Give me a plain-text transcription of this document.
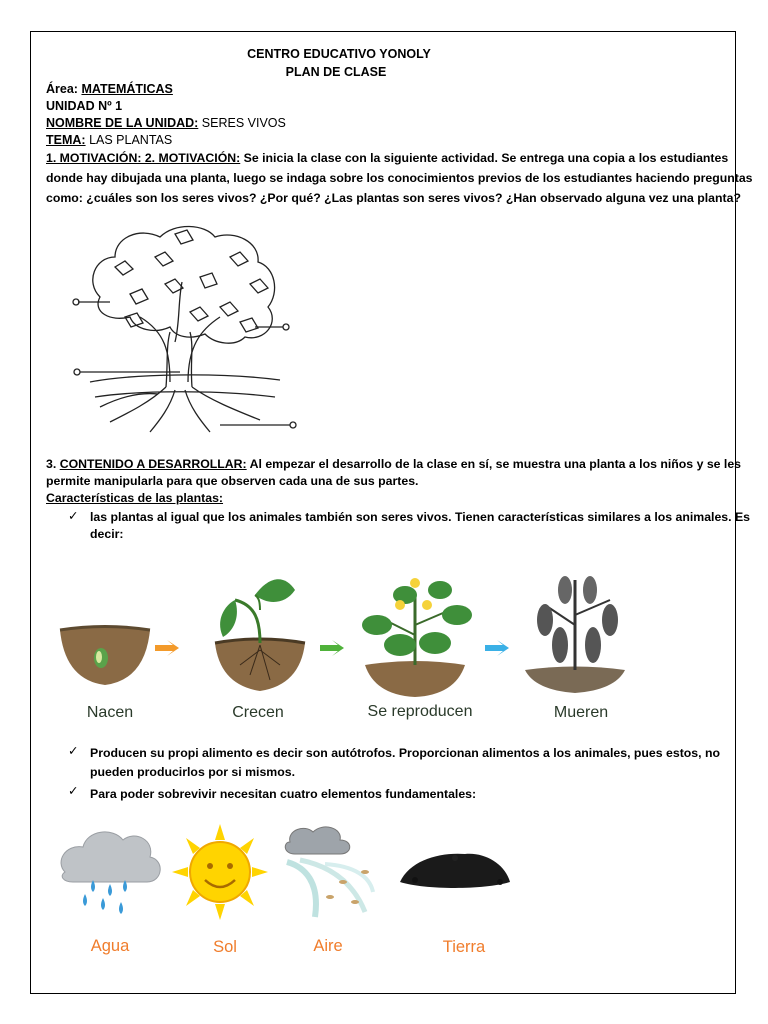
CENTRO EDUCATIVO YONOLY
PLAN DE CLASE
Área: MATEMÁTICAS
UNIDAD Nº 1
NOMBRE DE LA UNIDAD: SERES VIVOS
TEMA: LAS PLANTAS
1. MOTIVACIÓN: 2. MOTIVACIÓN: Se inicia la clase con la siguiente actividad. Se entrega una copia a los estudiantes
donde hay dibujada una planta, luego se indaga sobre los conocimientos previos de los estudiantes haciendo preguntas
como: ¿cuáles son los seres vivos? ¿Por qué? ¿Las plantas son seres vivos? ¿Han observado alguna vez una planta?
3. CONTENIDO A DESARROLLAR: Al empezar el desarrollo de la clase en sí, se muestra una planta a los niños y se les
permite manipularla para que observen cada una de sus partes.
Características de las plantas:
✓ las plantas al igual que los animales también son seres vivos. Tienen características similares a los animales. Es
decir:
Nacen	Crecen	Se reproducen	Mueren
✓ Producen su propi alimento es decir son autótrofos. Proporcionan alimentos a los animales, pues estos, no
pueden producirlos por si mismos.
✓ Para poder sobrevivir necesitan cuatro elementos fundamentales:
Agua	Sol	Aire	Tierra
